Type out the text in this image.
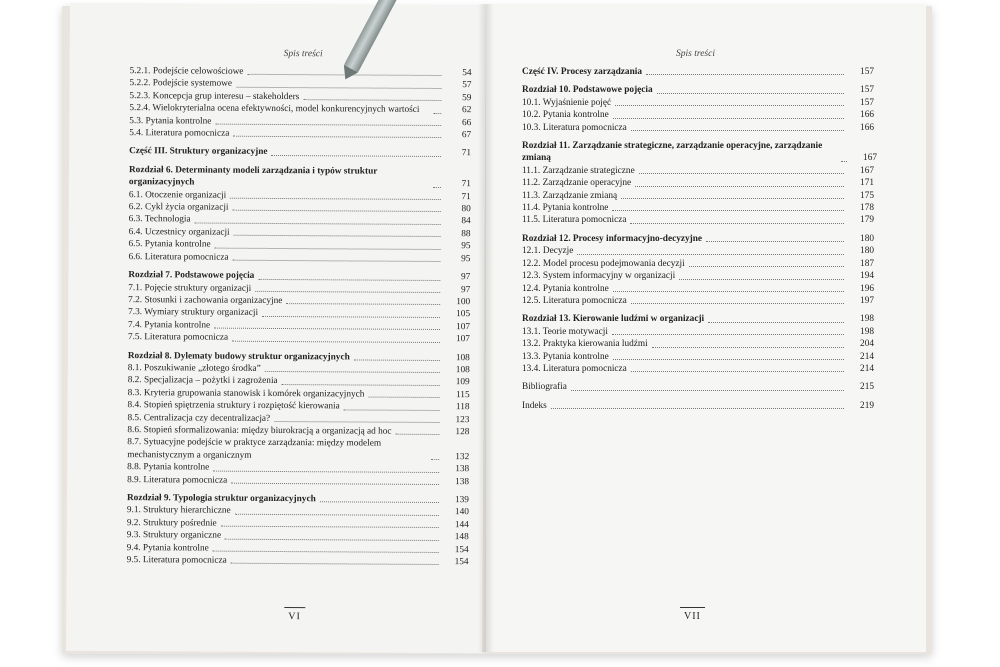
Spis treści
5.2.1. Podejście celowościowe	54
5.2.2. Podejście systemowe	57
5.2.3. Koncepcja grup interesu – stakeholders	59
5.2.4. Wielokryterialna ocena efektywności, model konkurencyjnych wartości	62
5.3. Pytania kontrolne	66
5.4. Literatura pomocnicza	67
Część III. Struktury organizacyjne	71
Rozdział 6. Determinanty modeli zarządzania i typów struktur organizacyjnych	71
6.1. Otoczenie organizacji	71
6.2. Cykl życia organizacji	80
6.3. Technologia	84
6.4. Uczestnicy organizacji	88
6.5. Pytania kontrolne	95
6.6. Literatura pomocnicza	95
Rozdział 7. Podstawowe pojęcia	97
7.1. Pojęcie struktury organizacji	97
7.2. Stosunki i zachowania organizacyjne	100
7.3. Wymiary struktury organizacji	105
7.4. Pytania kontrolne	107
7.5. Literatura pomocnicza	107
Rozdział 8. Dylematy budowy struktur organizacyjnych	108
8.1. Poszukiwanie „złotego środka”	108
8.2. Specjalizacja – pożytki i zagrożenia	109
8.3. Kryteria grupowania stanowisk i komórek organizacyjnych	115
8.4. Stopień spiętrzenia struktury i rozpiętość kierowania	118
8.5. Centralizacja czy decentralizacja?	123
8.6. Stopień sformalizowania: między biurokracją a organizacją ad hoc	128
8.7. Sytuacyjne podejście w praktyce zarządzania: między modelem mechanistycznym a organicznym	132
8.8. Pytania kontrolne	138
8.9. Literatura pomocnicza	138
Rozdział 9. Typologia struktur organizacyjnych	139
9.1. Struktury hierarchiczne	140
9.2. Struktury pośrednie	144
9.3. Struktury organiczne	148
9.4. Pytania kontrolne	154
9.5. Literatura pomocnicza	154
VI
Spis treści
Część IV. Procesy zarządzania	157
Rozdział 10. Podstawowe pojęcia	157
10.1. Wyjaśnienie pojęć	157
10.2. Pytania kontrolne	166
10.3. Literatura pomocnicza	166
Rozdział 11. Zarządzanie strategiczne, zarządzanie operacyjne, zarządzanie zmianą	167
11.1. Zarządzanie strategiczne	167
11.2. Zarządzanie operacyjne	171
11.3. Zarządzanie zmianą	175
11.4. Pytania kontrolne	178
11.5. Literatura pomocnicza	179
Rozdział 12. Procesy informacyjno-decyzyjne	180
12.1. Decyzje	180
12.2. Model procesu podejmowania decyzji	187
12.3. System informacyjny w organizacji	194
12.4. Pytania kontrolne	196
12.5. Literatura pomocnicza	197
Rozdział 13. Kierowanie ludźmi w organizacji	198
13.1. Teorie motywacji	198
13.2. Praktyka kierowania ludźmi	204
13.3. Pytania kontrolne	214
13.4. Literatura pomocnicza	214
Bibliografia	215
Indeks	219
VII
